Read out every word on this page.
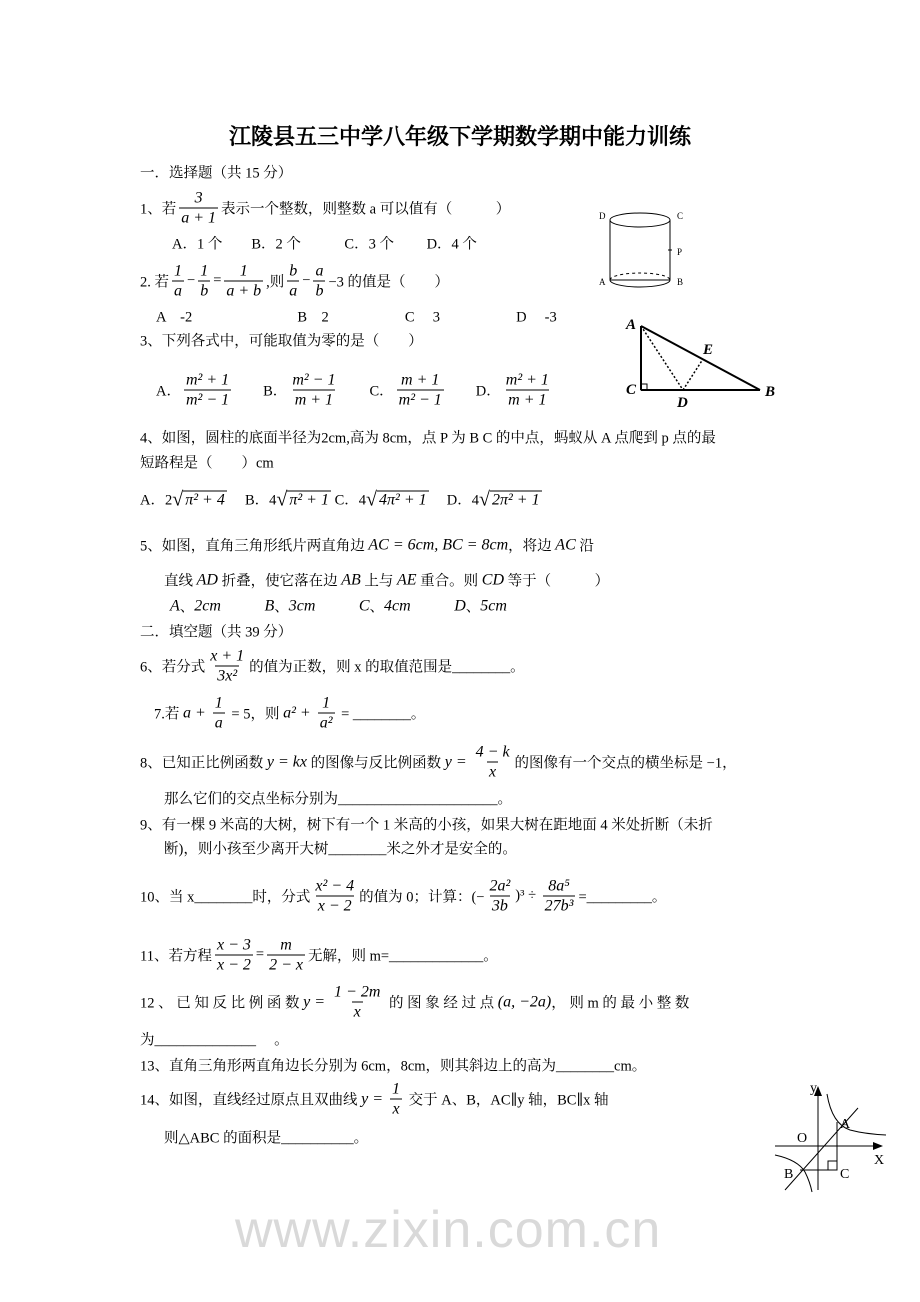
江陵县五三中学八年级下学期数学期中能力训练
www.zixin.com.cn
一．选择题（共 15 分）
1、若 $\frac{3}{a + 1}$ 表示一个整数，则整数 a 可以值有（　　　）
A．1 个　　B．2 个　　　C．3 个　　 D．4 个
2. 若 $\frac{1}{a} - \frac{1}{b} = \frac{1}{a + b}$ ,则 $\frac{b}{a} - \frac{a}{b} -3$ 的值是（　　）
A　-2　　　　　　　 B　2　　　　　 C　 3　　　　　 D　 -3
3、下列各式中，可能取值为零的是（　　）
A． $\frac{\text{m² + 1}}{\text{m² − 1}}$ 　　B． $\frac{\text{m² − 1}}{m + 1}$ 　　C． $\frac{m + 1}{\text{m² − 1}}$ 　　D． $\frac{\text{m² + 1}}{m + 1}$
4、如图，圆柱的底面半径为2cm,高为 8cm，点 P 为 B C 的中点，蚂蚁从 A 点爬到 p 点的最
短路程是（　　）cm
A．2 √ π² + 4 　 B．4 √ π² + 1 C．4 √ 4π² + 1 　 D．4 √ 2π² + 1
5、如图，直角三角形纸片两直角边 AC = 6cm, BC = 8cm ，将边 AC 沿
直线 AD 折叠，使它落在边 AB 上与 AE 重合。则 CD 等于（　　　）
A 、 2cm
　　　	B 、 3cm
　　　	C 、 4cm
　　　	D 、 5cm
二．填空题（共 39 分）
6、若分式 $\frac{x + 1}{\text{3x²}}$ 的值为正数，则 x 的取值范围是________。
7.若 $a + \frac{1}{a} = 5$，则 $a^2 + \frac{1}{\text{a²}}$ = ________。
8、已知正比例函数 y = kx 的图像与反比例函数 $y = \frac{4 - k}{x}$ 的图像有一个交点的横坐标是 −1，
那么它们的交点坐标分别为______________________。
9、有一棵 9 米高的大树，树下有一个 1 米高的小孩，如果大树在距地面 4 米处折断（未折
断)，则小孩至少离开大树________米之外才是安全的。
10、当 x________时，分式 $\frac{\text{x² − 4}}{x - 2}$ 的值为 0；计算：(− $\frac{\text{2a²}}{3b} )^3 \div \frac{\text{8a⁵}}{\text{27b³}}$ =_________。
11、若方程 $\frac{x - 3}{x - 2} = \frac{m}{2 - x}$ 无解，则 m=_____________。
12 、 已 知 反 比 例 函 数 $y = \frac{1 - 2m}{x}$ 的 图 象 经 过 点 (a, −2a) ， 则 m 的 最 小 整 数
为______________　 。
13、直角三角形两直角边长分别为 6cm，8cm，则其斜边上的高为________cm。
14、如图，直线经过原点且双曲线 $y = \frac{1}{x}$ 交于 A、B，AC∥y 轴，BC∥x 轴
则△ABC 的面积是__________。
D	C
P
A	B
A
E
C
D
B
y
O
A
X
B	C
